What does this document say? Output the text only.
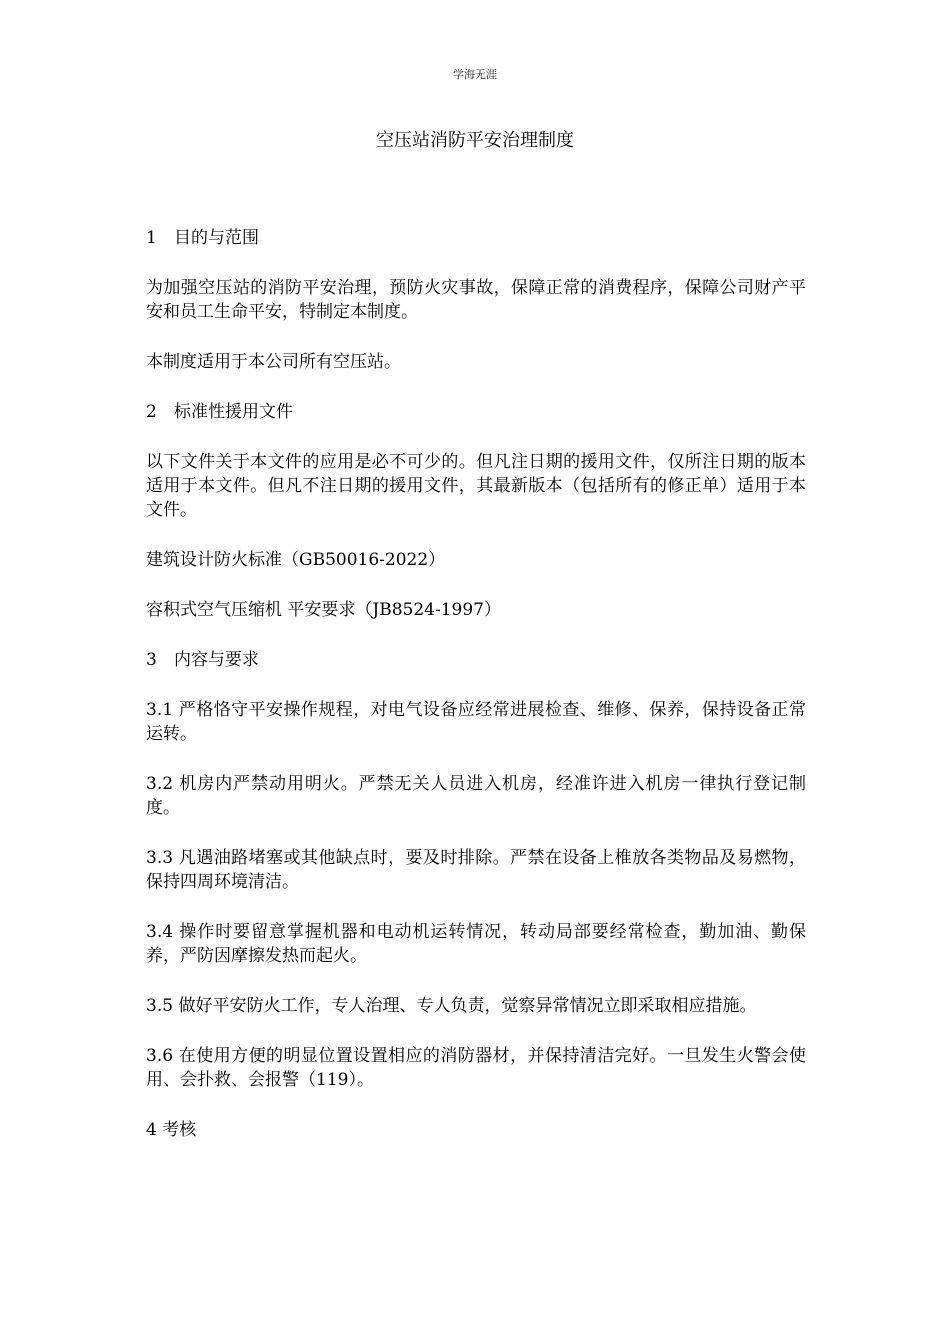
学海无涯
空压站消防平安治理制度
1 目的与范围
为加强空压站的消防平安治理，预防火灾事故，保障正常的消费程序，保障公司财产平安和员工生命平安，特制定本制度。
本制度适用于本公司所有空压站。
2 标准性援用文件
以下文件关于本文件的应用是必不可少的。但凡注日期的援用文件，仅所注日期的版本适用于本文件。但凡不注日期的援用文件，其最新版本（包括所有的修正单）适用于本文件。
建筑设计防火标准（GB50016-2022）
容积式空气压缩机 平安要求（JB8524-1997）
3 内容与要求
3.1 严格恪守平安操作规程，对电气设备应经常进展检查、维修、保养，保持设备正常运转。
3.2 机房内严禁动用明火。严禁无关人员进入机房，经准许进入机房一律执行登记制度。
3.3 凡遇油路堵塞或其他缺点时，要及时排除。严禁在设备上椎放各类物品及易燃物，保持四周环境清洁。
3.4 操作时要留意掌握机器和电动机运转情况，转动局部要经常检查，勤加油、勤保养，严防因摩擦发热而起火。
3.5 做好平安防火工作，专人治理、专人负责，觉察异常情况立即采取相应措施。
3.6 在使用方便的明显位置设置相应的消防器材，并保持清洁完好。一旦发生火警会使用、会扑救、会报警（119）。
4 考核
